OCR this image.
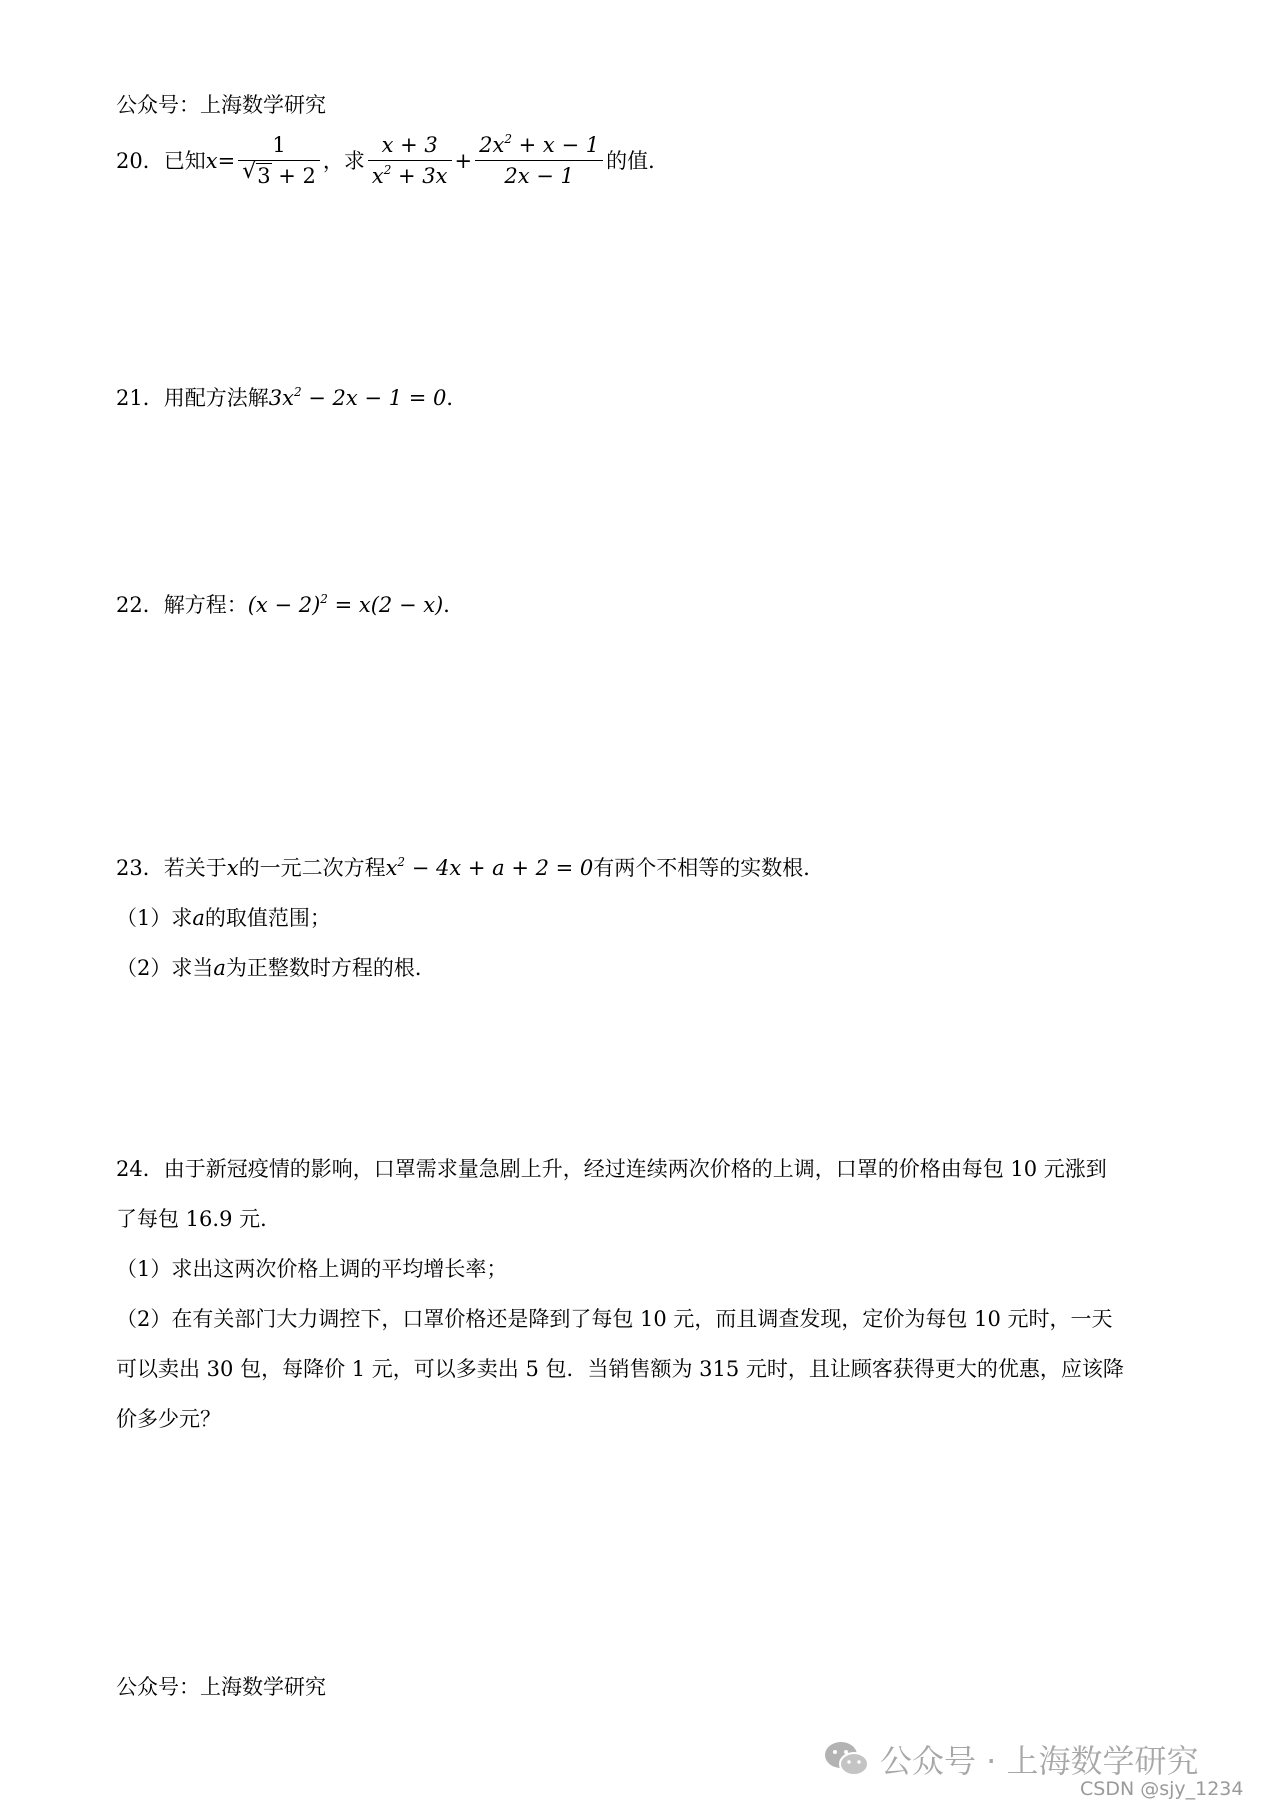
公众号：上海数学研究
20． 已知 $x = \frac{1}{√ 3 + 2}$ ，求 $\frac{x + 3}{x^2 + 3x} + \frac{2x^2 + x - 1}{2x - 1}$ 的值．
21．用配方法解$3x^2 - 2x - 1 = 0$．
22．解方程：$(x - 2)^2 = x(2 - x)$．
23．若关于x的一元二次方程$x^2 - 4x + a + 2 = 0$有两个不相等的实数根．
（1）求a的取值范围；
（2）求当a为正整数时方程的根．
24．由于新冠疫情的影响，口罩需求量急剧上升，经过连续两次价格的上调，口罩的价格由每包 10 元涨到
了每包 16.9 元．
（1）求出这两次价格上调的平均增长率；
（2）在有关部门大力调控下，口罩价格还是降到了每包 10 元，而且调查发现，定价为每包 10 元时，一天
可以卖出 30 包，每降价 1 元，可以多卖出 5 包．当销售额为 315 元时，且让顾客获得更大的优惠，应该降
价多少元？
公众号：上海数学研究
公众号 · 上海数学研究
CSDN @sjy_1234
